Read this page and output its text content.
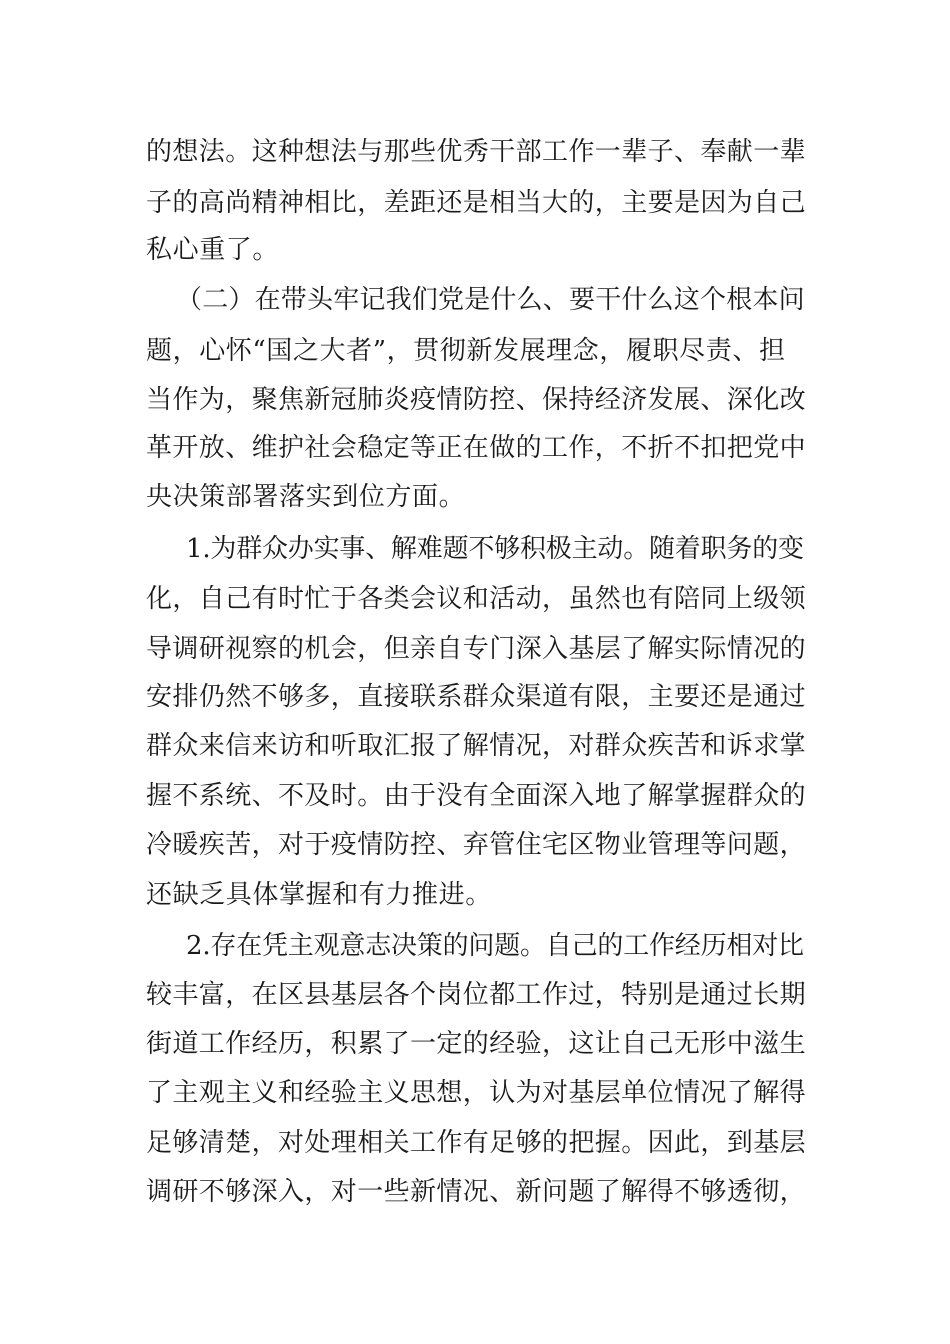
的想法。这种想法与那些优秀干部工作一辈子、奉献一辈
子的高尚精神相比，差距还是相当大的，主要是因为自己
私心重了。
（二）在带头牢记我们党是什么、要干什么这个根本问
题，心怀“国之大者”，贯彻新发展理念，履职尽责、担
当作为，聚焦新冠肺炎疫情防控、保持经济发展、深化改
革开放、维护社会稳定等正在做的工作，不折不扣把党中
央决策部署落实到位方面。
1.为群众办实事、解难题不够积极主动。随着职务的变
化，自己有时忙于各类会议和活动，虽然也有陪同上级领
导调研视察的机会，但亲自专门深入基层了解实际情况的
安排仍然不够多，直接联系群众渠道有限，主要还是通过
群众来信来访和听取汇报了解情况，对群众疾苦和诉求掌
握不系统、不及时。由于没有全面深入地了解掌握群众的
冷暖疾苦，对于疫情防控、弃管住宅区物业管理等问题，
还缺乏具体掌握和有力推进。
2.存在凭主观意志决策的问题。自己的工作经历相对比
较丰富，在区县基层各个岗位都工作过，特别是通过长期
街道工作经历，积累了一定的经验，这让自己无形中滋生
了主观主义和经验主义思想，认为对基层单位情况了解得
足够清楚，对处理相关工作有足够的把握。因此，到基层
调研不够深入，对一些新情况、新问题了解得不够透彻，
